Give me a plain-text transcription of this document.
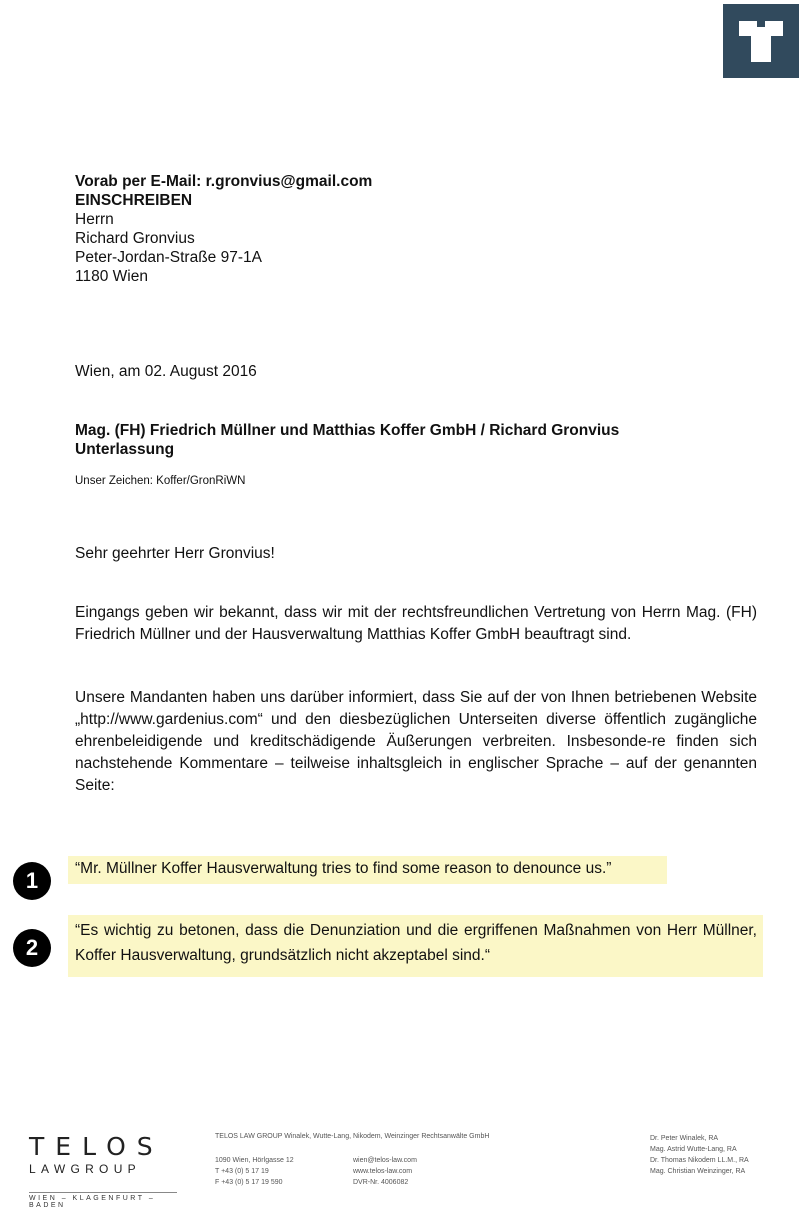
Vorab per E-Mail: r.gronvius@gmail.com
EINSCHREIBEN
Herrn
Richard Gronvius
Peter-Jordan-Straße 97-1A
1180 Wien
Wien, am 02. August 2016
Mag. (FH) Friedrich Müllner und Matthias Koffer GmbH / Richard Gronvius
Unterlassung
Unser Zeichen: Koffer/GronRiWN
Sehr geehrter Herr Gronvius!
Eingangs geben wir bekannt, dass wir mit der rechtsfreundlichen Vertretung von Herrn Mag. (FH) Friedrich Müllner und der Hausverwaltung Matthias Koffer GmbH beauftragt sind.
Unsere Mandanten haben uns darüber informiert, dass Sie auf der von Ihnen betriebenen Website „http://www.gardenius.com“ und den diesbezüglichen Unterseiten diverse öffentlich zugängliche ehrenbeleidigende und kreditschädigende Äußerungen verbreiten. Insbesonde-re finden sich nachstehende Kommentare – teilweise inhaltsgleich in englischer Sprache – auf der genannten Seite:
1	“Mr. Müllner Koffer Hausverwaltung tries to find some reason to denounce us.”
2
“Es wichtig zu betonen, dass die Denunziation und die ergriffenen Maßnahmen von Herr Müllner, Koffer Hausverwaltung, grundsätzlich nicht akzeptabel sind.“
TELOS
LAWGROUP
WIEN – KLAGENFURT – BADEN
TELOS LAW GROUP Winalek, Wutte-Lang, Nikodem, Weinzinger Rechtsanwälte GmbH
1090 Wien, Hörlgasse 12
T +43 (0) 5 17 19
F +43 (0) 5 17 19 590
wien@telos-law.com
www.telos-law.com
DVR-Nr. 4006082
Dr. Peter Winalek, RA
Mag. Astrid Wutte-Lang, RA
Dr. Thomas Nikodem LL.M., RA
Mag. Christian Weinzinger, RA
